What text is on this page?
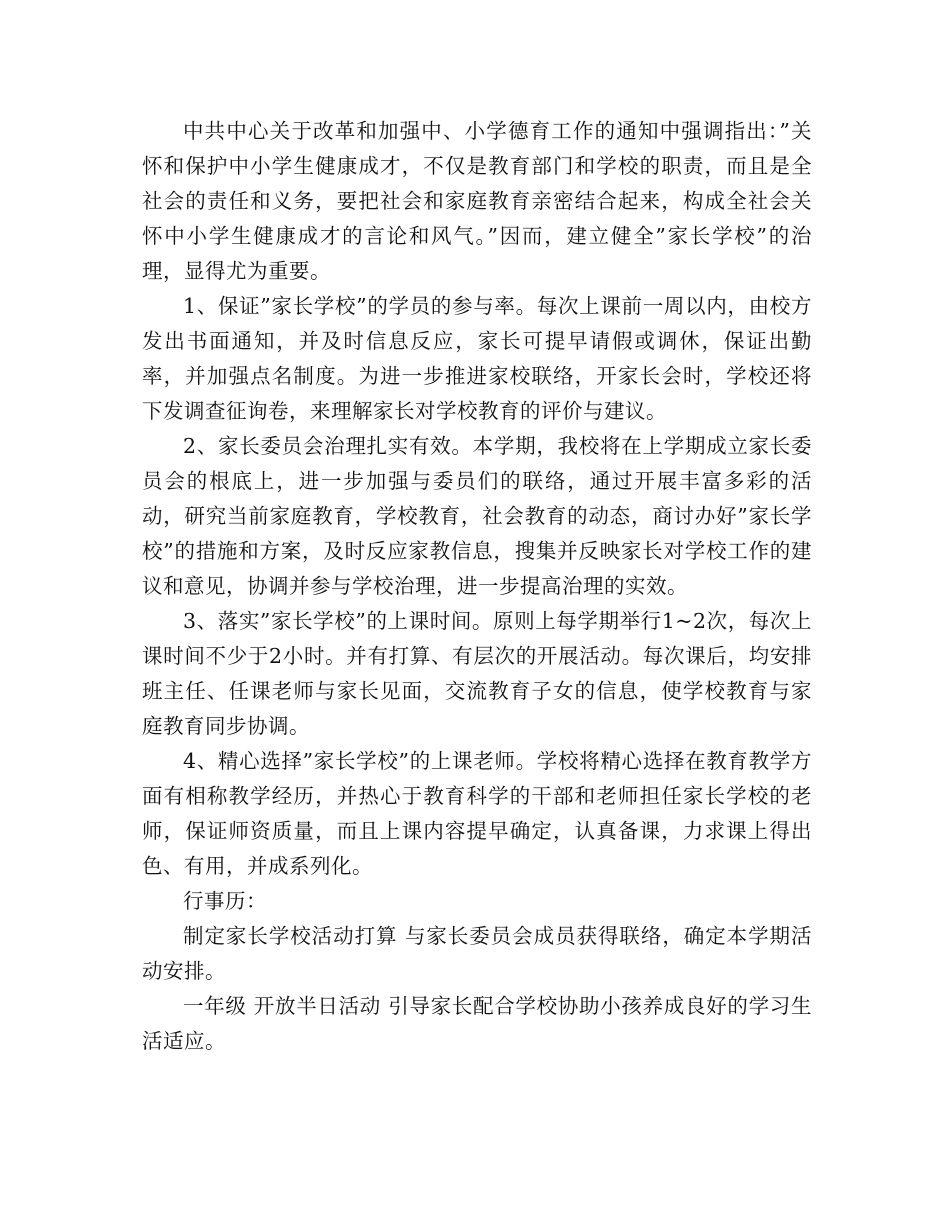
中共中心关于改革和加强中、小学德育工作的通知中强调指出：”关怀和保护中小学生健康成才，不仅是教育部门和学校的职责，而且是全社会的责任和义务，要把社会和家庭教育亲密结合起来，构成全社会关怀中小学生健康成才的言论和风气。”因而，建立健全”家长学校”的治理，显得尤为重要。

1、保证”家长学校”的学员的参与率。每次上课前一周以内，由校方发出书面通知，并及时信息反应，家长可提早请假或调休，保证出勤率，并加强点名制度。为进一步推进家校联络，开家长会时，学校还将下发调查征询卷，来理解家长对学校教育的评价与建议。

2、家长委员会治理扎实有效。本学期，我校将在上学期成立家长委员会的根底上，进一步加强与委员们的联络，通过开展丰富多彩的活动，研究当前家庭教育，学校教育，社会教育的动态，商讨办好”家长学校”的措施和方案，及时反应家教信息，搜集并反映家长对学校工作的建议和意见，协调并参与学校治理，进一步提高治理的实效。

3、落实”家长学校”的上课时间。原则上每学期举行1~2次，每次上课时间不少于2小时。并有打算、有层次的开展活动。每次课后，均安排班主任、任课老师与家长见面，交流教育子女的信息，使学校教育与家庭教育同步协调。

4、精心选择”家长学校”的上课老师。学校将精心选择在教育教学方面有相称教学经历，并热心于教育科学的干部和老师担任家长学校的老师，保证师资质量，而且上课内容提早确定，认真备课，力求课上得出色、有用，并成系列化。

行事历：

制定家长学校活动打算 与家长委员会成员获得联络，确定本学期活动安排。

一年级 开放半日活动 引导家长配合学校协助小孩养成良好的学习生活适应。
